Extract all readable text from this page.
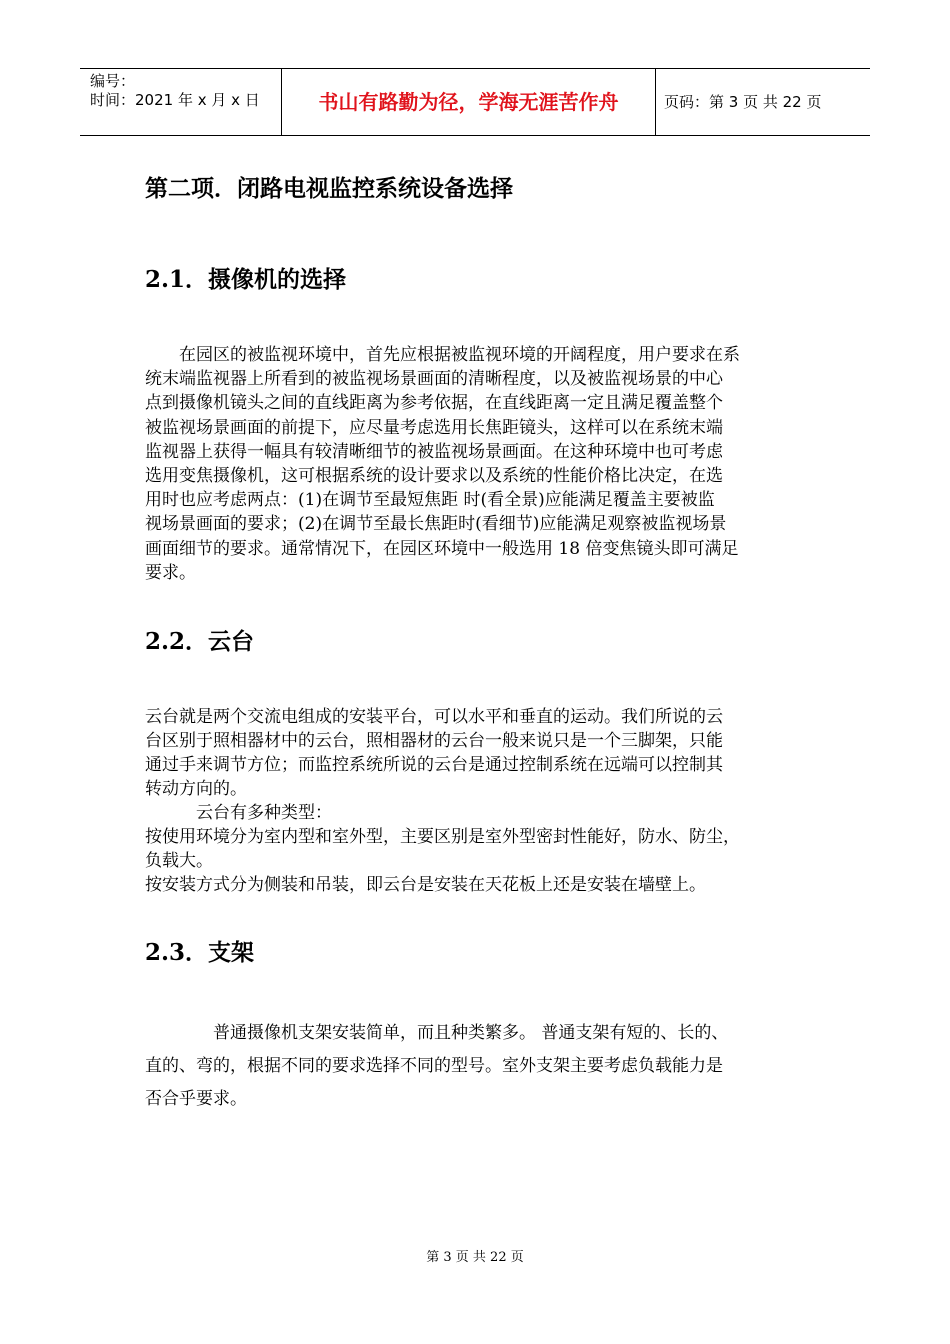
编号：
时间：2021 年 x 月 x 日	书山有路勤为径，学海无涯苦作舟	页码：第 3 页 共 22 页
第二项．闭路电视监控系统设备选择
2.1．摄像机的选择
　　在园区的被监视环境中，首先应根据被监视环境的开阔程度，用户要求在系
统末端监视器上所看到的被监视场景画面的清晰程度，以及被监视场景的中心
点到摄像机镜头之间的直线距离为参考依据，在直线距离一定且满足覆盖整个
被监视场景画面的前提下，应尽量考虑选用长焦距镜头，这样可以在系统末端
监视器上获得一幅具有较清晰细节的被监视场景画面。在这种环境中也可考虑
选用变焦摄像机，这可根据系统的设计要求以及系统的性能价格比决定，在选
用时也应考虑两点：(1)在调节至最短焦距 时(看全景)应能满足覆盖主要被监
视场景画面的要求；(2)在调节至最长焦距时(看细节)应能满足观察被监视场景
画面细节的要求。通常情况下，在园区环境中一般选用 18 倍变焦镜头即可满足
要求。
2.2．云台
云台就是两个交流电组成的安装平台，可以水平和垂直的运动。我们所说的云
台区别于照相器材中的云台，照相器材的云台一般来说只是一个三脚架，只能
通过手来调节方位；而监控系统所说的云台是通过控制系统在远端可以控制其
转动方向的。
　　　云台有多种类型：
按使用环境分为室内型和室外型，主要区别是室外型密封性能好，防水、防尘，
负载大。
按安装方式分为侧装和吊装，即云台是安装在天花板上还是安装在墙壁上。
2.3．支架
　　　　普通摄像机支架安装简单，而且种类繁多。 普通支架有短的、长的、
直的、弯的，根据不同的要求选择不同的型号。室外支架主要考虑负载能力是
否合乎要求。
第 3 页 共 22 页
